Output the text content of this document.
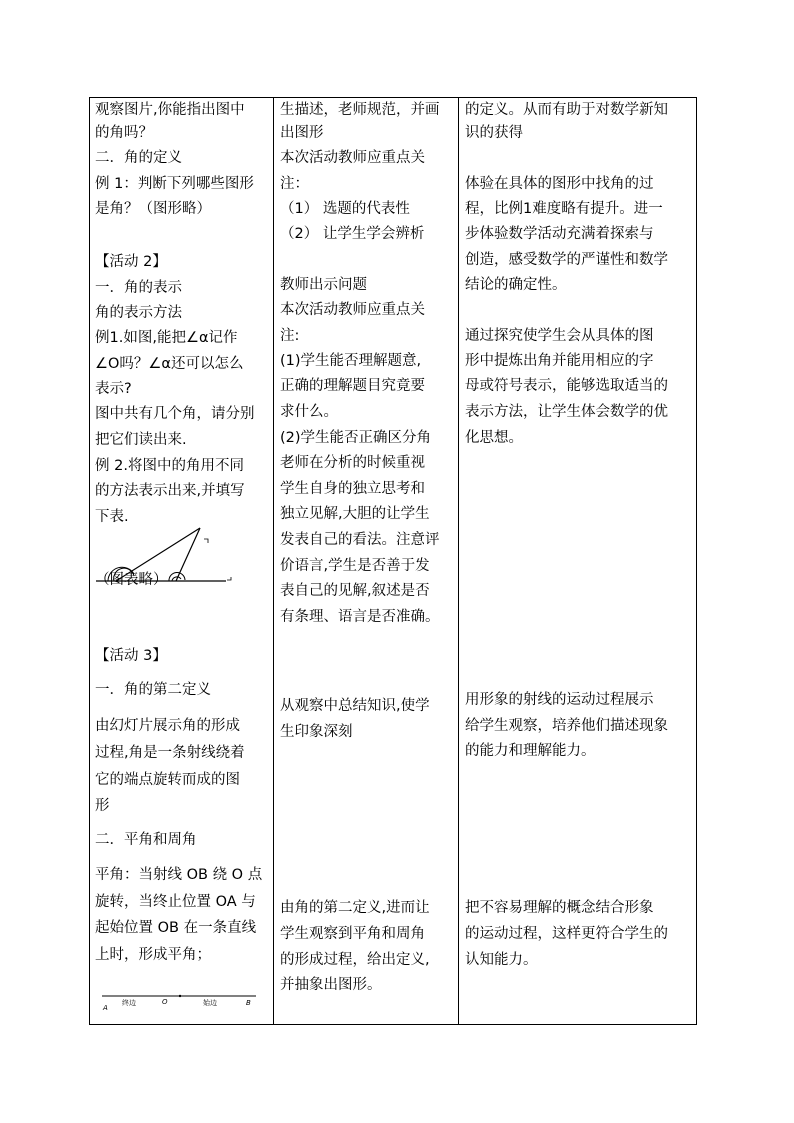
观察图片,你能指出图中
的角吗？
二．角的定义
例 1：判断下列哪些图形
是角？（图形略）
【活动 2】
一．角的表示
角的表示方法
例1.如图,能把∠α记作
∠O吗？∠α还可以怎么
表示?
图中共有几个角，请分别
把它们读出来.
例 2.将图中的角用不同
的方法表示出来,并填写
下表.
（图表略）
【活动 3】
一．角的第二定义
由幻灯片展示角的形成
过程,角是一条射线绕着
它的端点旋转而成的图
形
二．平角和周角
平角：当射线 OB 绕 O 点
旋转，当终止位置 OA 与
起始位置 OB 在一条直线
上时，形成平角；

生描述，老师规范，并画
出图形
本次活动教师应重点关
注：
（1） 选题的代表性
（2） 让学生学会辨析
教师出示问题
本次活动教师应重点关
注:
(1)学生能否理解题意,
正确的理解题目究竟要
求什么。
(2)学生能否正确区分角
老师在分析的时候重视
学生自身的独立思考和
独立见解,大胆的让学生
发表自己的看法。注意评
价语言,学生是否善于发
表自己的见解,叙述是否
有条理、语言是否准确。
从观察中总结知识,使学
生印象深刻
由角的第二定义,进而让
学生观察到平角和周角
的形成过程，给出定义,
并抽象出图形。

的定义。从而有助于对数学新知
识的获得
体验在具体的图形中找角的过
程，比例1难度略有提升。进一
步体验数学活动充满着探索与
创造，感受数学的严谨性和数学
结论的确定性。
通过探究使学生会从具体的图
形中提炼出角并能用相应的字
母或符号表示，能够选取适当的
表示方法，让学生体会数学的优
化思想。
用形象的射线的运动过程展示
给学生观察，培养他们描述现象
的能力和理解能力。
把不容易理解的概念结合形象
的运动过程，这样更符合学生的
认知能力。
A
终边	O	始边	B
